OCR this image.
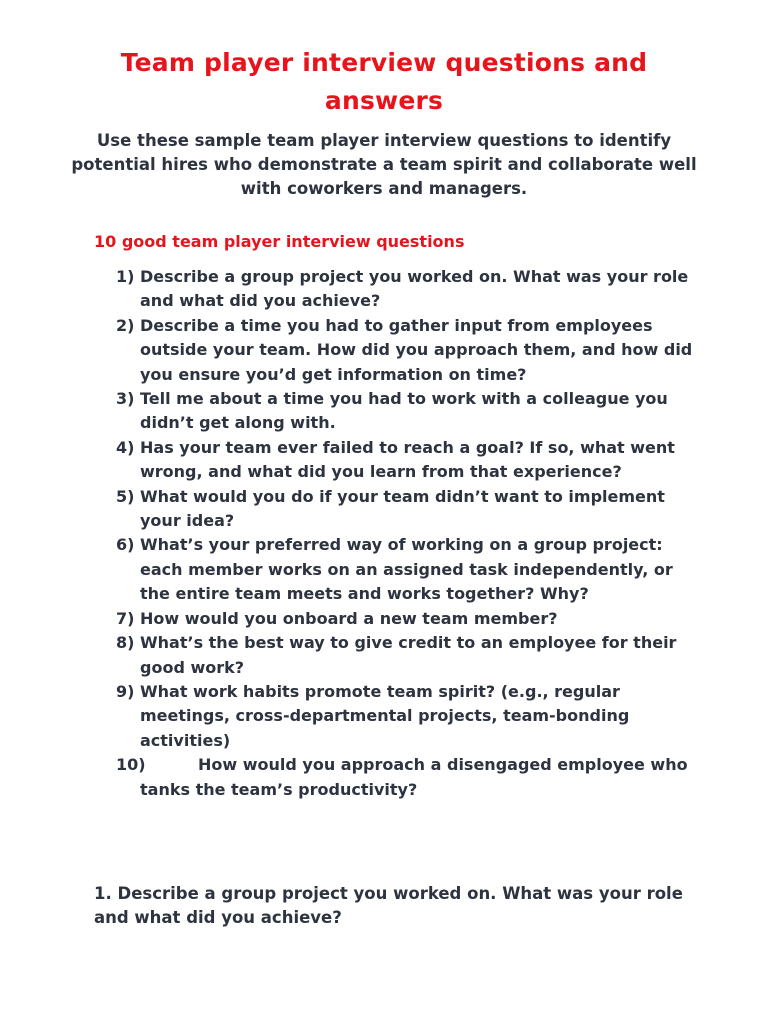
Team player interview questions and answers

Use these sample team player interview questions to identify potential hires who demonstrate a team spirit and collaborate well with coworkers and managers.

10 good team player interview questions
1) Describe a group project you worked on. What was your role and what did you achieve?
2) Describe a time you had to gather input from employees outside your team. How did you approach them, and how did you ensure you’d get information on time?
3) Tell me about a time you had to work with a colleague you didn’t get along with.
4) Has your team ever failed to reach a goal? If so, what went wrong, and what did you learn from that experience?
5) What would you do if your team didn’t want to implement your idea?
6) What’s your preferred way of working on a group project: each member works on an assigned task independently, or the entire team meets and works together? Why?
7) How would you onboard a new team member?
8) What’s the best way to give credit to an employee for their good work?
9) What work habits promote team spirit? (e.g., regular meetings, cross-departmental projects, team-bonding activities)
10)	How would you approach a disengaged employee who tanks the team’s productivity?
1. Describe a group project you worked on. What was your role and what did you achieve?
